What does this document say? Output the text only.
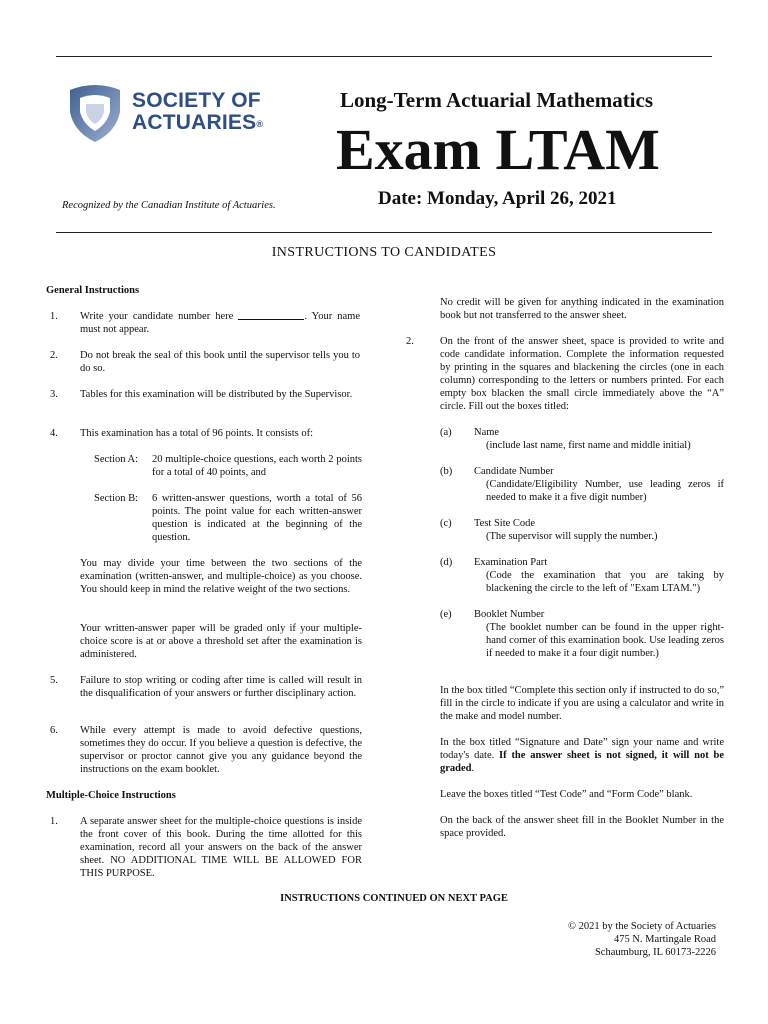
SOCIETY OF
ACTUARIES®
Recognized by the Canadian Institute of Actuaries.
Long-Term Actuarial Mathematics
Exam LTAM
Date: Monday, April 26, 2021
INSTRUCTIONS TO CANDIDATES
General Instructions
1. Write your candidate number here	. Your name must not appear.
2. Do not break the seal of this book until the supervisor tells you to do so.
3. Tables for this examination will be distributed by the Supervisor.
4. This examination has a total of 96 points. It consists of:
Section A: 20 multiple-choice questions, each worth 2 points for a total of 40 points, and
Section B: 6 written-answer questions, worth a total of 56 points. The point value for each written-answer question is indicated at the beginning of the question.
You may divide your time between the two sections of the examination (written-answer, and multiple-choice) as you choose. You should keep in mind the relative weight of the two sections.
Your written-answer paper will be graded only if your multiple-choice score is at or above a threshold set after the examination is administered.
5. Failure to stop writing or coding after time is called will result in the disqualification of your answers or further disciplinary action.
6. While every attempt is made to avoid defective questions, sometimes they do occur. If you believe a question is defective, the supervisor or proctor cannot give you any guidance beyond the instructions on the exam booklet.
Multiple-Choice Instructions
1. A separate answer sheet for the multiple-choice questions is inside the front cover of this book. During the time allotted for this examination, record all your answers on the back of the answer sheet. NO ADDITIONAL TIME WILL BE ALLOWED FOR THIS PURPOSE.
No credit will be given for anything indicated in the examination book but not transferred to the answer sheet.
2. On the front of the answer sheet, space is provided to write and code candidate information. Complete the information requested by printing in the squares and blackening the circles (one in each column) corresponding to the letters or numbers printed. For each empty box blacken the small circle immediately above the “A” circle. Fill out the boxes titled:
(a) Name
(include last name, first name and middle initial)
(b) Candidate Number
(Candidate/Eligibility Number, use leading zeros if needed to make it a five digit number)
(c) Test Site Code
(The supervisor will supply the number.)
(d) Examination Part
(Code the examination that you are taking by blackening the circle to the left of "Exam LTAM.")
(e) Booklet Number
(The booklet number can be found in the upper right-hand corner of this examination book. Use leading zeros if needed to make it a four digit number.)
In the box titled “Complete this section only if instructed to do so,” fill in the circle to indicate if you are using a calculator and write in the make and model number.
In the box titled “Signature and Date” sign your name and write today's date. If the answer sheet is not signed, it will not be graded.
Leave the boxes titled “Test Code” and “Form Code” blank.
On the back of the answer sheet fill in the Booklet Number in the space provided.
INSTRUCTIONS CONTINUED ON NEXT PAGE
© 2021 by the Society of Actuaries
475 N. Martingale Road
Schaumburg, IL 60173-2226
